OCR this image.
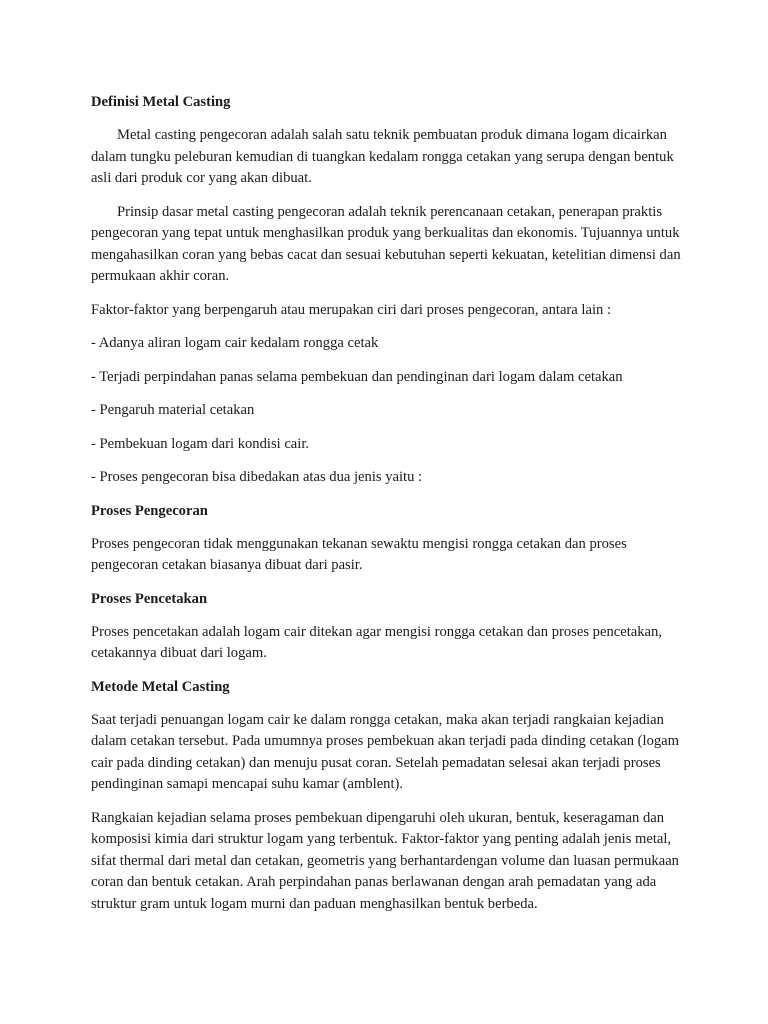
Definisi Metal Casting

Metal casting pengecoran adalah salah satu teknik pembuatan produk dimana logam dicairkan dalam tungku peleburan kemudian di tuangkan kedalam rongga cetakan yang serupa dengan bentuk asli dari produk cor yang akan dibuat.

Prinsip dasar metal casting pengecoran adalah teknik perencanaan cetakan, penerapan praktis pengecoran yang tepat untuk menghasilkan produk yang berkualitas dan ekonomis. Tujuannya untuk mengahasilkan coran yang bebas cacat dan sesuai kebutuhan seperti kekuatan, ketelitian dimensi dan permukaan akhir coran.

Faktor-faktor yang berpengaruh atau merupakan ciri dari proses pengecoran, antara lain :

- Adanya aliran logam cair kedalam rongga cetak

- Terjadi perpindahan panas selama pembekuan dan pendinginan dari logam dalam cetakan

- Pengaruh material cetakan

- Pembekuan logam dari kondisi cair.

- Proses pengecoran bisa dibedakan atas dua jenis yaitu :

Proses Pengecoran

Proses pengecoran tidak menggunakan tekanan sewaktu mengisi rongga cetakan dan proses pengecoran cetakan biasanya dibuat dari pasir.

Proses Pencetakan

Proses pencetakan adalah logam cair ditekan agar mengisi rongga cetakan dan proses pencetakan, cetakannya dibuat dari logam.

Metode Metal Casting

Saat terjadi penuangan logam cair ke dalam rongga cetakan, maka akan terjadi rangkaian kejadian dalam cetakan tersebut. Pada umumnya proses pembekuan akan terjadi pada dinding cetakan (logam cair pada dinding cetakan) dan menuju pusat coran. Setelah pemadatan selesai akan terjadi proses pendinginan samapi mencapai suhu kamar (amblent).

Rangkaian kejadian selama proses pembekuan dipengaruhi oleh ukuran, bentuk, keseragaman dan komposisi kimia dari struktur logam yang terbentuk. Faktor-faktor yang penting adalah jenis metal, sifat thermal dari metal dan cetakan, geometris yang berhantardengan volume dan luasan permukaan coran dan bentuk cetakan. Arah perpindahan panas berlawanan dengan arah pemadatan yang ada struktur gram untuk logam murni dan paduan menghasilkan bentuk berbeda.
